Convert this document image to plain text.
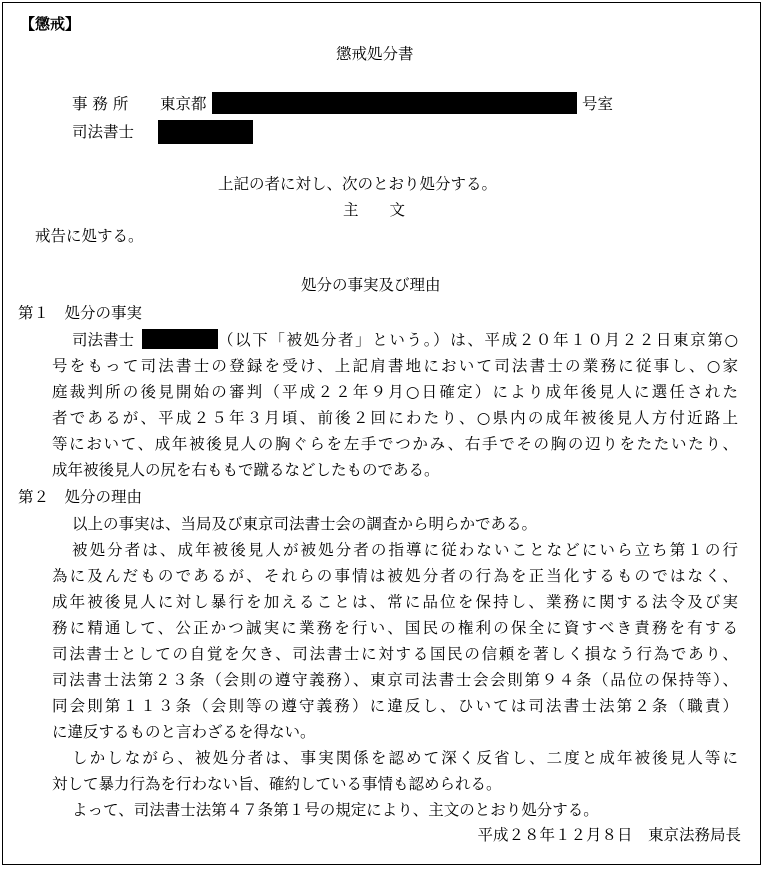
【懲戒】
懲戒処分書
事 務 所 東京都	号室
司法書士
上記の者に対し、次のとおり処分する。
主　　文
戒告に処する。
処分の事実及び理由
第１　処分の事実
司法書士	（以下「被処分者」という。）は、平成２０年１０月２２日東京第○
号をもって司法書士の登録を受け、上記肩書地において司法書士の業務に従事し、○家
庭裁判所の後見開始の審判（平成２２年９月○日確定）により成年後見人に選任された
者であるが、平成２５年３月頃、前後２回にわたり、○県内の成年被後見人方付近路上
等において、成年被後見人の胸ぐらを左手でつかみ、右手でその胸の辺りをたたいたり、
成年被後見人の尻を右ももで蹴るなどしたものである。
第２　処分の理由
以上の事実は、当局及び東京司法書士会の調査から明らかである。
被処分者は、成年被後見人が被処分者の指導に従わないことなどにいら立ち第１の行
為に及んだものであるが、それらの事情は被処分者の行為を正当化するものではなく、
成年被後見人に対し暴行を加えることは、常に品位を保持し、業務に関する法令及び実
務に精通して、公正かつ誠実に業務を行い、国民の権利の保全に資すべき責務を有する
司法書士としての自覚を欠き、司法書士に対する国民の信頼を著しく損なう行為であり、
司法書士法第２３条（会則の遵守義務）、東京司法書士会会則第９４条（品位の保持等）、
同会則第１１３条（会則等の遵守義務）に違反し、ひいては司法書士法第２条（職責）
に違反するものと言わざるを得ない。
しかしながら、被処分者は、事実関係を認めて深く反省し、二度と成年被後見人等に
対して暴力行為を行わない旨、確約している事情も認められる。
よって、司法書士法第４７条第１号の規定により、主文のとおり処分する。
平成２８年１２月８日　東京法務局長
